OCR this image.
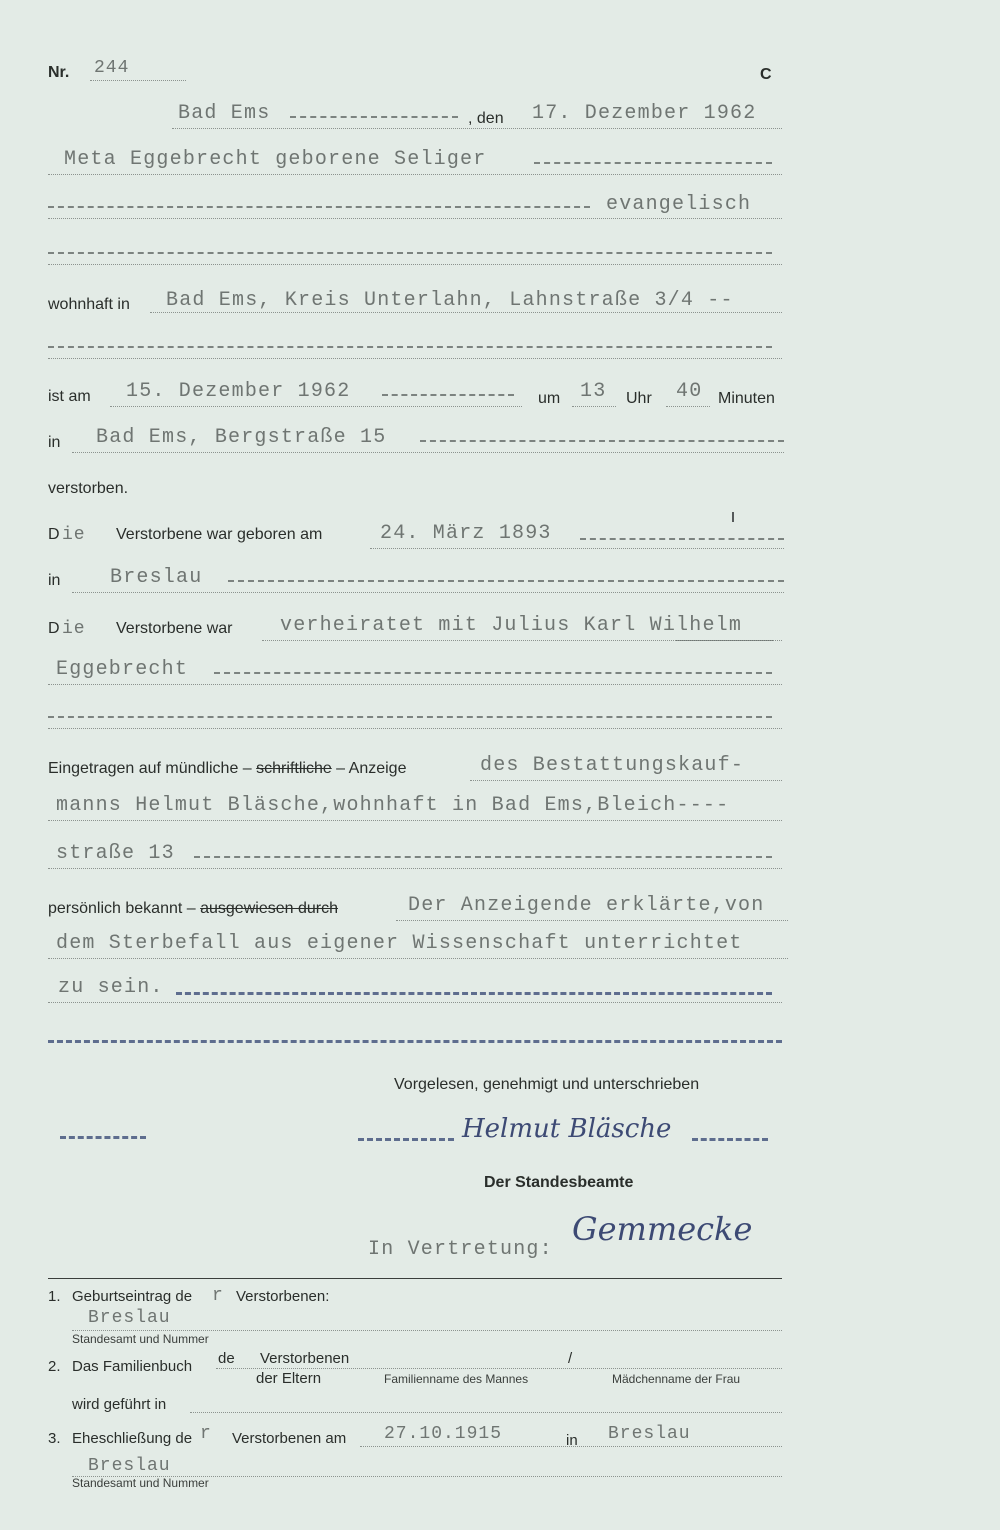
Nr. 244	C
Bad Ems	, den 17. Dezember 1962
Meta Eggebrecht geborene Seliger
evangelisch
wohnhaft in Bad Ems, Kreis Unterlahn, Lahnstraße 3/4 --
ist am 15. Dezember 1962	um 13 Uhr 40 Minuten
in Bad Ems, Bergstraße 15
verstorben.
D ie Verstorbene war geboren am	24. März 1893
in Breslau
D ie Verstorbene war verheiratet mit Julius Karl Wilhelm
Eggebrecht
Eingetragen auf mündliche – schriftliche – Anzeige	des Bestattungskauf-
manns Helmut Bläsche,wohnhaft in Bad Ems,Bleich----
straße 13
persönlich bekannt – ausgewiesen durch	Der Anzeigende erklärte,von
dem Sterbefall aus eigener Wissenschaft unterrichtet
zu sein.
Vorgelesen, genehmigt und unterschrieben
Helmut Bläsche
Der Standesbeamte
In Vertretung:
Gemmecke
1. Geburtseintrag de r Verstorbenen:
Breslau
Standesamt und Nummer
2. Das Familienbuch de Verstorbenen
der Eltern
/
Familienname des Mannes	Mädchenname der Frau
wird geführt in
3. Eheschließung de r Verstorbenen am 27.10.1915	in Breslau
Breslau
Standesamt und Nummer
